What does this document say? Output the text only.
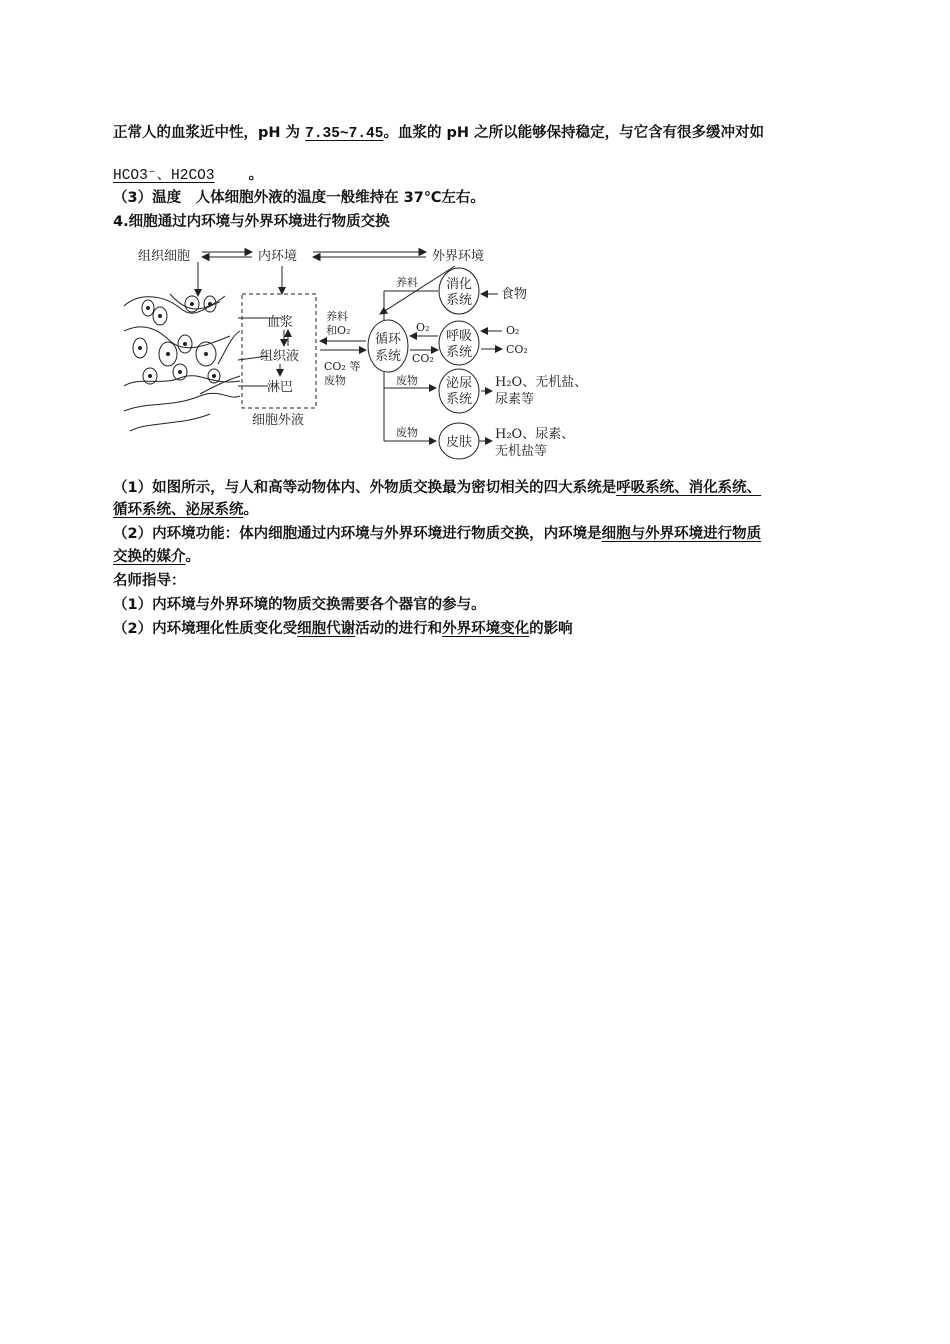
正常人的血浆近中性，pH 为 7.35~7.45。血浆的 pH 之所以能够保持稳定，与它含有很多缓冲对如
HCO3⁻、H2CO3 。
（3）温度　人体细胞外液的温度一般维持在 37℃左右。
4.细胞通过内环境与外界环境进行物质交换
组织细胞	内环境	外界环境
血浆
组织液
淋巴
细胞外液
养料
和O₂
CO₂ 等
废物
循环
系统
养料 消化
系统 食物
呼吸
系统
O₂
CO₂
O₂
CO₂
废物 泌尿
系统
H₂O、无机盐、
尿素等
废物
皮肤
H₂O、尿素、
无机盐等
（1）如图所示，与人和高等动物体内、外物质交换最为密切相关的四大系统是呼吸系统、消化系统、
循环系统、泌尿系统。
（2）内环境功能：体内细胞通过内环境与外界环境进行物质交换，内环境是细胞与外界环境进行物质
交换的媒介。
名师指导：
（1）内环境与外界环境的物质交换需要各个器官的参与。
（2）内环境理化性质变化受细胞代谢活动的进行和外界环境变化的影响
